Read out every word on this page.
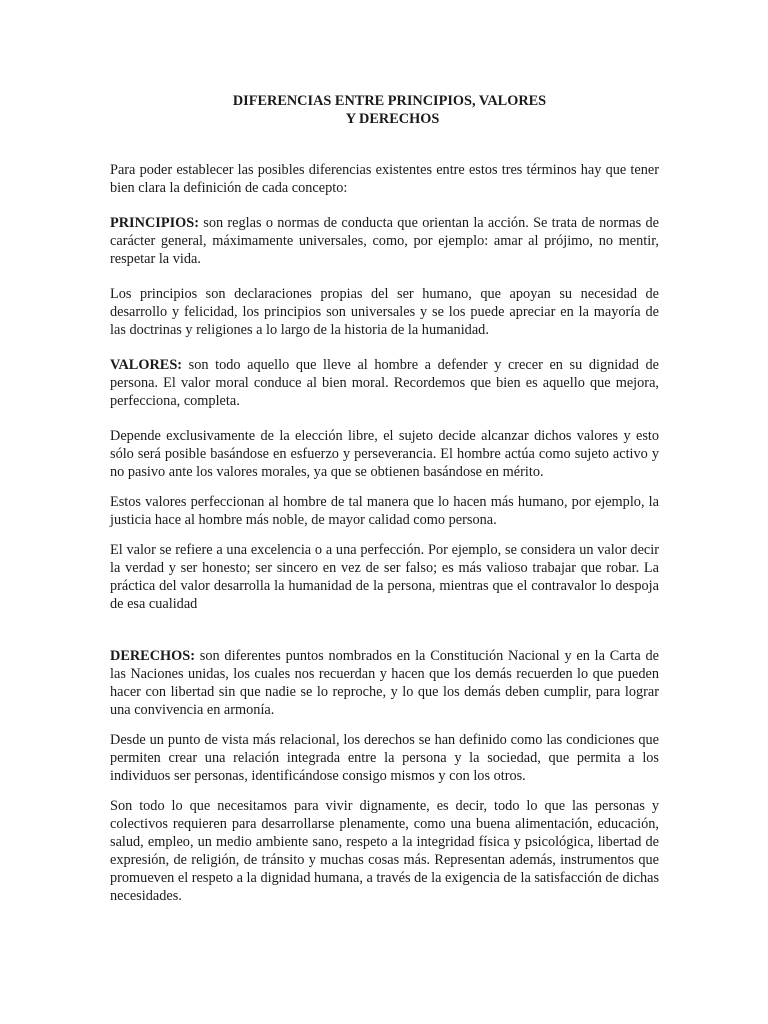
DIFERENCIAS ENTRE PRINCIPIOS, VALORES
Y DERECHOS

Para poder establecer las posibles diferencias existentes entre estos tres términos hay que tener bien clara la definición de cada concepto:

PRINCIPIOS: son reglas o normas de conducta que orientan la acción. Se trata de normas de carácter general, máximamente universales, como, por ejemplo: amar al prójimo, no mentir, respetar la vida.

Los principios son declaraciones propias del ser humano, que apoyan su necesidad de desarrollo y felicidad, los principios son universales y se los puede apreciar en la mayoría de las doctrinas y religiones a lo largo de la historia de la humanidad.

VALORES: son todo aquello que lleve al hombre a defender y crecer en su dignidad de persona. El valor moral conduce al bien moral. Recordemos que bien es aquello que mejora, perfecciona, completa.

Depende exclusivamente de la elección libre, el sujeto decide alcanzar dichos valores y esto sólo será posible basándose en esfuerzo y perseverancia. El hombre actúa como sujeto activo y no pasivo ante los valores morales, ya que se obtienen basándose en mérito.

Estos valores perfeccionan al hombre de tal manera que lo hacen más humano, por ejemplo, la justicia hace al hombre más noble, de mayor calidad como persona.

El valor se refiere a una excelencia o a una perfección. Por ejemplo, se considera un valor decir la verdad y ser honesto; ser sincero en vez de ser falso; es más valioso trabajar que robar. La práctica del valor desarrolla la humanidad de la persona, mientras que el contravalor lo despoja de esa cualidad

DERECHOS: son diferentes puntos nombrados en la Constitución Nacional y en la Carta de las Naciones unidas, los cuales nos recuerdan y hacen que los demás recuerden lo que pueden hacer con libertad sin que nadie se lo reproche, y lo que los demás deben cumplir, para lograr una convivencia en armonía.

Desde un punto de vista más relacional, los derechos se han definido como las condiciones que permiten crear una relación integrada entre la persona y la sociedad, que permita a los individuos ser personas, identificándose consigo mismos y con los otros.

Son todo lo que necesitamos para vivir dignamente, es decir, todo lo que las personas y colectivos requieren para desarrollarse plenamente, como una buena alimentación, educación, salud, empleo, un medio ambiente sano, respeto a la integridad física y psicológica, libertad de expresión, de religión, de tránsito y muchas cosas más. Representan además, instrumentos que promueven el respeto a la dignidad humana, a través de la exigencia de la satisfacción de dichas necesidades.
